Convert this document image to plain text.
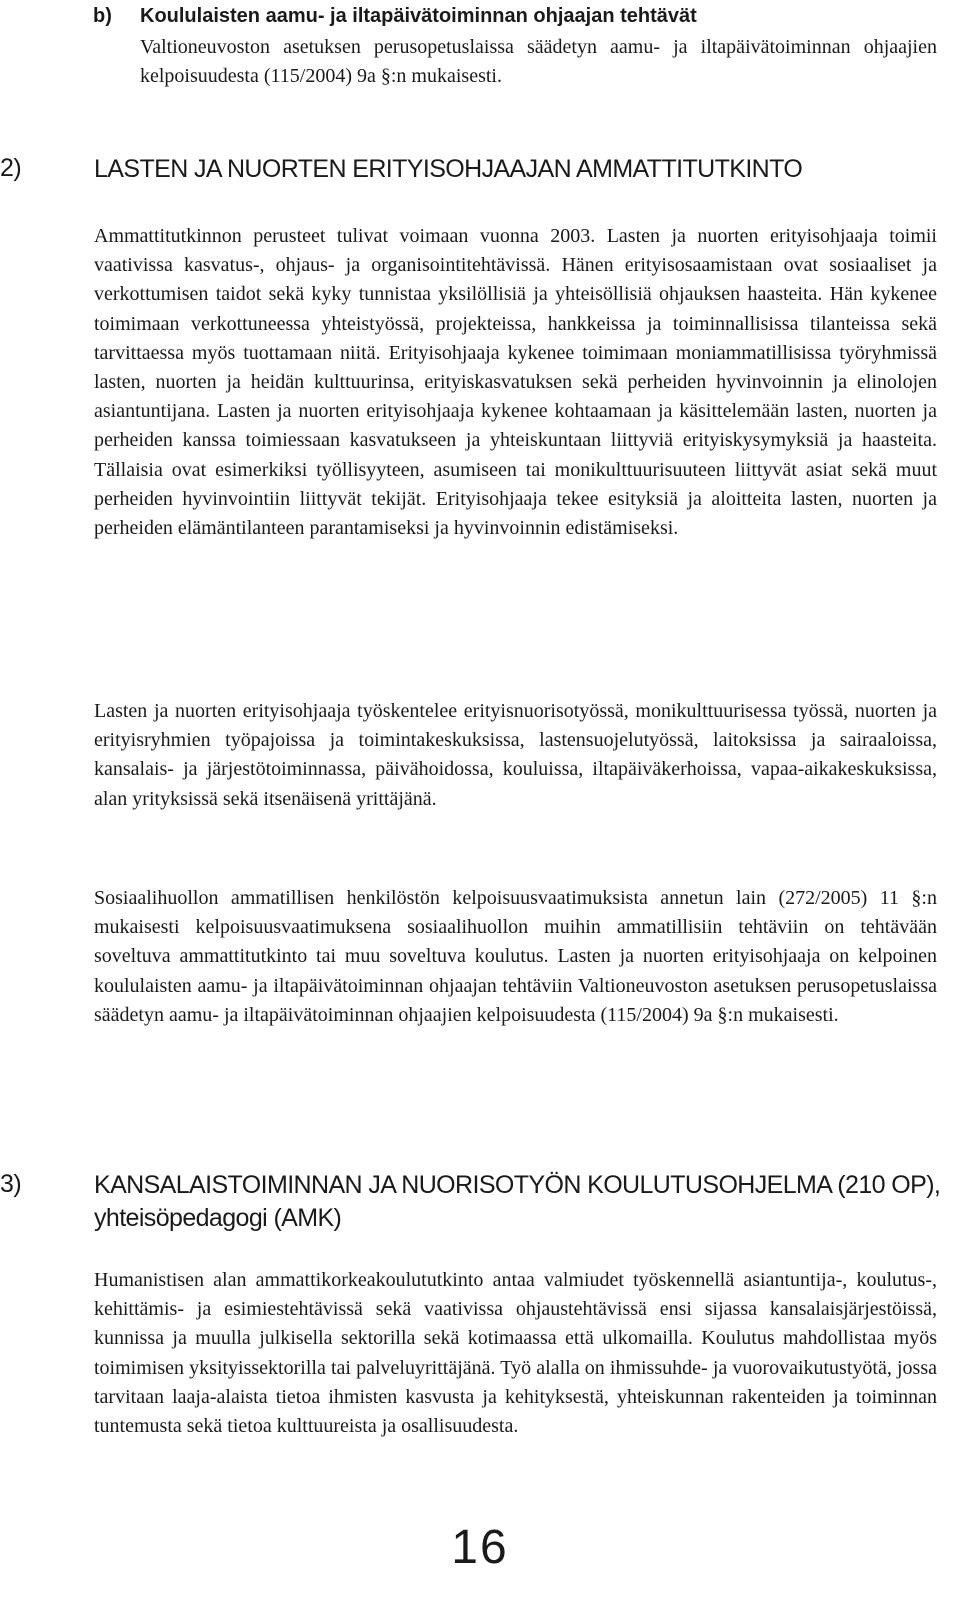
b) Koululaisten aamu- ja iltapäivätoiminnan ohjaajan tehtävät
Valtioneuvoston asetuksen perusopetuslaissa säädetyn aamu- ja iltapäivätoiminnan ohjaajien kelpoisuudesta (115/2004) 9a §:n mukaisesti.
2)	LASTEN JA NUORTEN ERITYISOHJAAJAN AMMATTITUTKINTO
Ammattitutkinnon perusteet tulivat voimaan vuonna 2003. Lasten ja nuorten erityisohjaaja toimii vaativissa kasvatus-, ohjaus- ja organisointitehtävissä. Hänen erityisosaamistaan ovat sosiaaliset ja verkottumisen taidot sekä kyky tunnistaa yksilöllisiä ja yhteisöllisiä ohjauksen haasteita. Hän kykenee toimimaan verkottuneessa yhteistyössä, projekteissa, hankkeissa ja toiminnallisissa tilanteissa sekä tarvittaessa myös tuottamaan niitä. Erityisohjaaja kykenee toimimaan moniammatillisissa työryhmissä lasten, nuorten ja heidän kulttuurinsa, erityiskasvatuksen sekä perheiden hyvinvoinnin ja elinolojen asiantuntijana. Lasten ja nuorten erityisohjaaja kykenee kohtaamaan ja käsittelemään lasten, nuorten ja perheiden kanssa toimiessaan kasvatukseen ja yhteiskuntaan liittyviä erityiskysymyksiä ja haasteita. Tällaisia ovat esimerkiksi työllisyyteen, asumiseen tai monikulttuurisuuteen liittyvät asiat sekä muut perheiden hyvinvointiin liittyvät tekijät. Erityisohjaaja tekee esityksiä ja aloitteita lasten, nuorten ja perheiden elämäntilanteen parantamiseksi ja hyvinvoinnin edistämiseksi.
Lasten ja nuorten erityisohjaaja työskentelee erityisnuorisotyössä, monikulttuurisessa työssä, nuorten ja erityisryhmien työpajoissa ja toimintakeskuksissa, lastensuojelutyössä, laitoksissa ja sairaaloissa, kansalais- ja järjestötoiminnassa, päivähoidossa, kouluissa, iltapäiväkerhoissa, vapaa-aikakeskuksissa, alan yrityksissä sekä itsenäisenä yrittäjänä.
Sosiaalihuollon ammatillisen henkilöstön kelpoisuusvaatimuksista annetun lain (272/2005) 11 §:n mukaisesti kelpoisuusvaatimuksena sosiaalihuollon muihin ammatillisiin tehtäviin on tehtävään soveltuva ammattitutkinto tai muu soveltuva koulutus. Lasten ja nuorten erityisohjaaja on kelpoinen koululaisten aamu- ja iltapäivätoiminnan ohjaajan tehtäviin Valtioneuvoston asetuksen perusopetuslaissa säädetyn aamu- ja iltapäivätoiminnan ohjaajien kelpoisuudesta (115/2004) 9a §:n mukaisesti.
3)	KANSALAISTOIMINNAN JA NUORISOTYÖN KOULUTUSOHJELMA (210 OP),
yhteisöpedagogi (AMK)
Humanistisen alan ammattikorkeakoulututkinto antaa valmiudet työskennellä asiantuntija-, koulutus-, kehittämis- ja esimiestehtävissä sekä vaativissa ohjaustehtävissä ensi sijassa kansalaisjärjestöissä, kunnissa ja muulla julkisella sektorilla sekä kotimaassa että ulkomailla. Koulutus mahdollistaa myös toimimisen yksityissektorilla tai palveluyrittäjänä. Työ alalla on ihmissuhde- ja vuorovaikutustyötä, jossa tarvitaan laaja-alaista tietoa ihmisten kasvusta ja kehityksestä, yhteiskunnan rakenteiden ja toiminnan tuntemusta sekä tietoa kulttuureista ja osallisuudesta.
16
